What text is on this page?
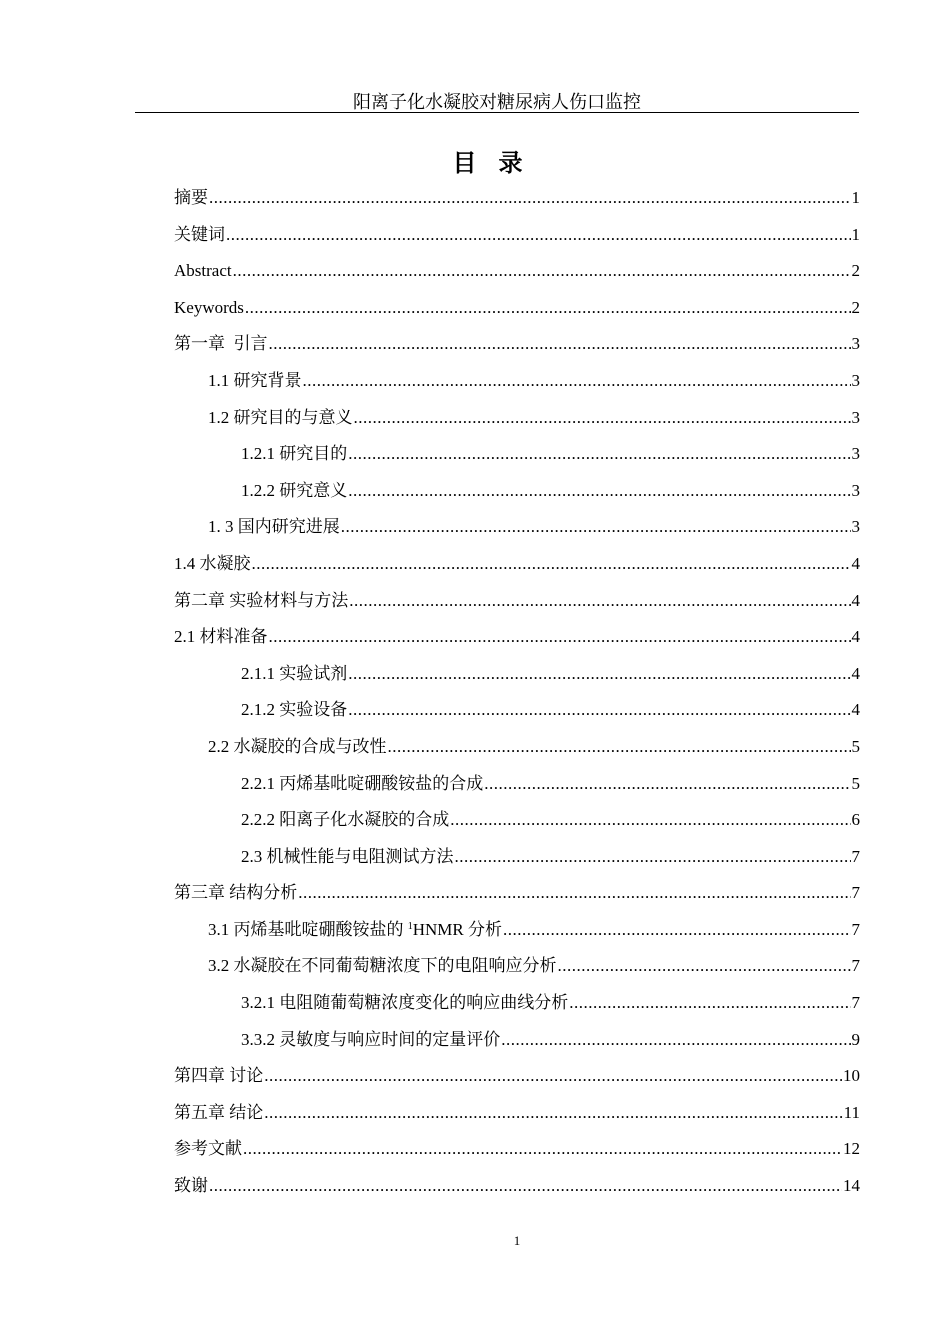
阳离子化水凝胶对糖尿病人伤口监控
目录
摘要 .....	1
关键词 .....	1
Abstract .....	2
Keywords .....	2
第一章  引言 .....	3
1.1 研究背景 .....	3
1.2 研究目的与意义 .....	3
1.2.1 研究目的 .....	3
1.2.2 研究意义 .....	3
1. 3 国内研究进展 .....	3
1.4 水凝胶 .....	4
第二章 实验材料与方法 .....	4
2.1 材料准备 .....	4
2.1.1 实验试剂 .....	4
2.1.2 实验设备 .....	4
2.2 水凝胶的合成与改性 .....	5
2.2.1 丙烯基吡啶硼酸铵盐的合成 .....	5
2.2.2 阳离子化水凝胶的合成 .....	6
2.3 机械性能与电阻测试方法 .....	7
第三章 结构分析 .....	7
3.1 丙烯基吡啶硼酸铵盐的 $^1$HNMR 分析 .....	7
3.2 水凝胶在不同葡萄糖浓度下的电阻响应分析 .....	7
3.2.1 电阻随葡萄糖浓度变化的响应曲线分析 .....	7
3.3.2 灵敏度与响应时间的定量评价 .....	9
第四章 讨论 .....	10
第五章 结论 .....	11
参考文献 .....	12
致谢 .....	14
1
